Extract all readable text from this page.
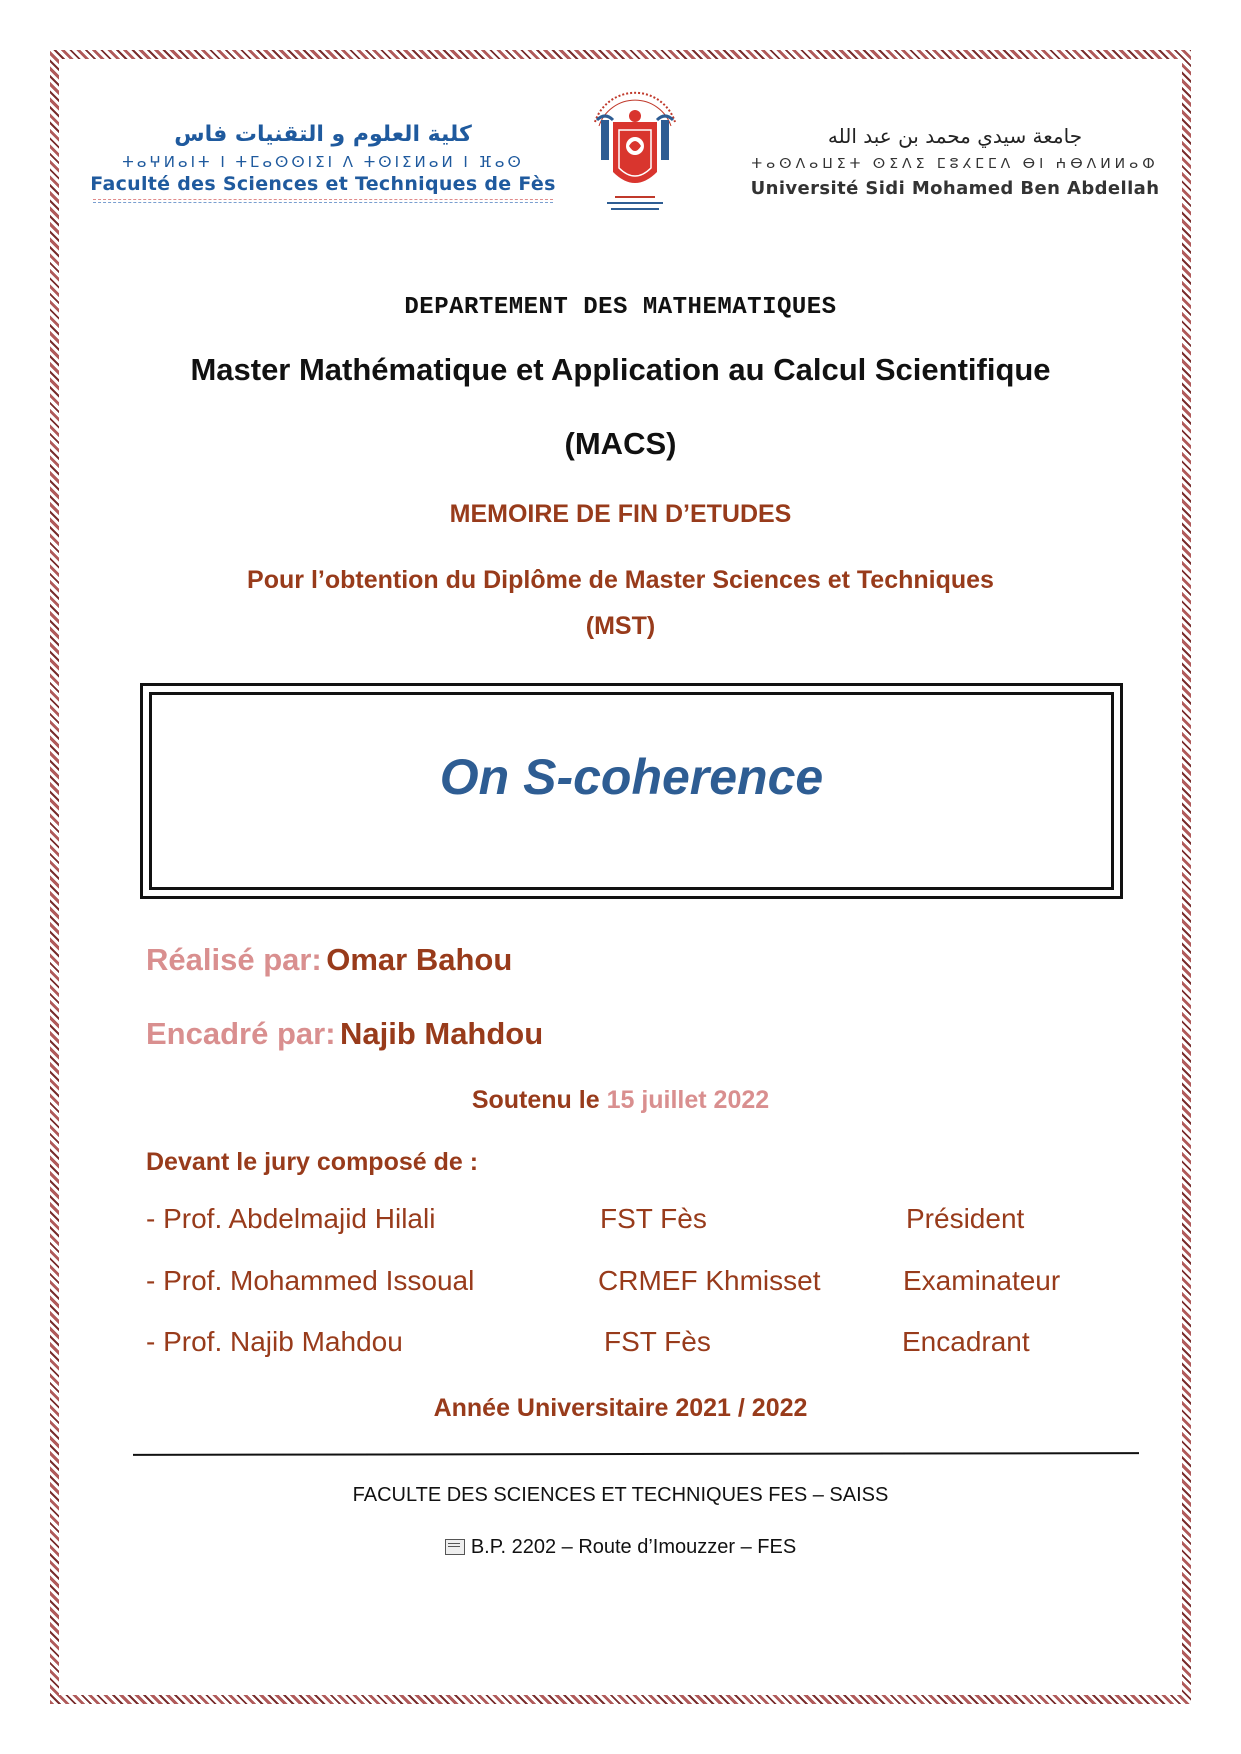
كلية العلوم و التقنيات فاس
ⵜⴰⵖⵍⴰⵏⵜ ⵏ ⵜⵎⴰⵙⵙⵏⵉⵏ ⴷ ⵜⵙⵏⵉⵍⴰⵍ ⵏ ⴼⴰⵙ
Faculté des Sciences et Techniques de Fès
جامعة سيدي محمد بن عبد الله
ⵜⴰⵙⴷⴰⵡⵉⵜ ⵙⵉⴷⵉ ⵎⵓⵃⵎⵎⴷ ⴱⵏ ⵄⴱⴷⵍⵍⴰⵀ
Université Sidi Mohamed Ben Abdellah
DEPARTEMENT DES MATHEMATIQUES
Master Mathématique et Application au Calcul Scientifique
(MACS)
MEMOIRE DE FIN D’ETUDES
Pour l’obtention du Diplôme de Master Sciences et Techniques
(MST)
On S-coherence
Réalisé par: Omar Bahou
Encadré par: Najib Mahdou
Soutenu le 15 juillet 2022
Devant le jury composé de :
- Prof. Abdelmajid Hilali	FST Fès	Président
- Prof. Mohammed Issoual	CRMEF Khmisset	Examinateur
- Prof. Najib Mahdou	FST Fès	Encadrant
Année Universitaire 2021 / 2022
FACULTE DES SCIENCES ET TECHNIQUES FES – SAISS
B.P. 2202 – Route d’Imouzzer – FES
